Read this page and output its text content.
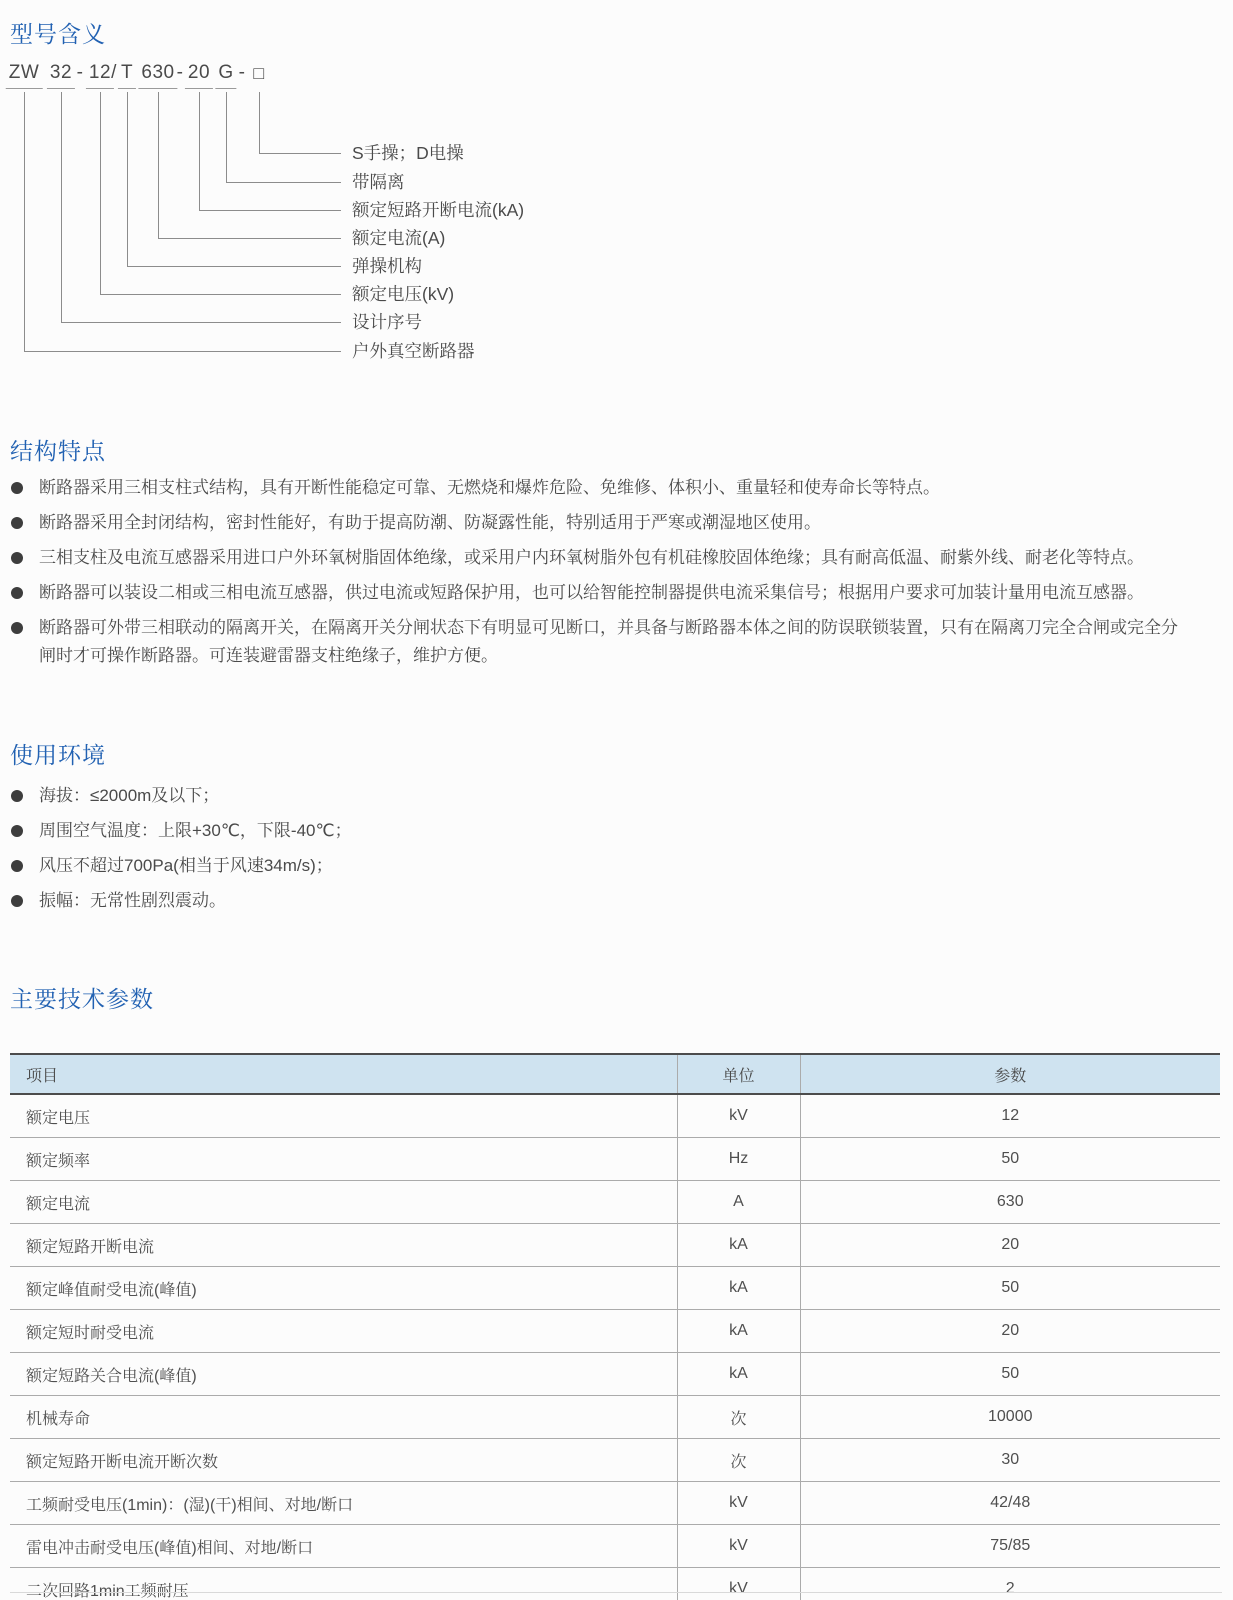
型号含义
ZW 32 - 12 / T 630 - 20 G - □
S手操；D电操
带隔离
额定短路开断电流(kA)
额定电流(A)
弹操机构
额定电压(kV)
设计序号
户外真空断路器
结构特点
断路器采用三相支柱式结构，具有开断性能稳定可靠、无燃烧和爆炸危险、免维修、体积小、重量轻和使寿命长等特点。
断路器采用全封闭结构，密封性能好，有助于提高防潮、防凝露性能，特别适用于严寒或潮湿地区使用。
三相支柱及电流互感器采用进口户外环氧树脂固体绝缘，或采用户内环氧树脂外包有机硅橡胶固体绝缘；具有耐高低温、耐紫外线、耐老化等特点。
断路器可以装设二相或三相电流互感器，供过电流或短路保护用，也可以给智能控制器提供电流采集信号；根据用户要求可加装计量用电流互感器。
断路器可外带三相联动的隔离开关，在隔离开关分闸状态下有明显可见断口，并具备与断路器本体之间的防误联锁装置，只有在隔离刀完全合闸或完全分闸时才可操作断路器。可连装避雷器支柱绝缘子，维护方便。
使用环境
海拔：≤2000m及以下；
周围空气温度：上限+30℃，下限-40℃；
风压不超过700Pa(相当于风速34m/s)；
振幅：无常性剧烈震动。
主要技术参数
项目	单位	参数
额定电压	kV	12
额定频率	Hz	50
额定电流	A	630
额定短路开断电流	kA	20
额定峰值耐受电流(峰值)	kA	50
额定短时耐受电流	kA	20
额定短路关合电流(峰值)	kA	50
机械寿命	次	10000
额定短路开断电流开断次数	次	30
工频耐受电压(1min)：(湿)(干)相间、对地/断口	kV	42/48
雷电冲击耐受电压(峰值)相间、对地/断口	kV	75/85
二次回路1min工频耐压	kV	2
